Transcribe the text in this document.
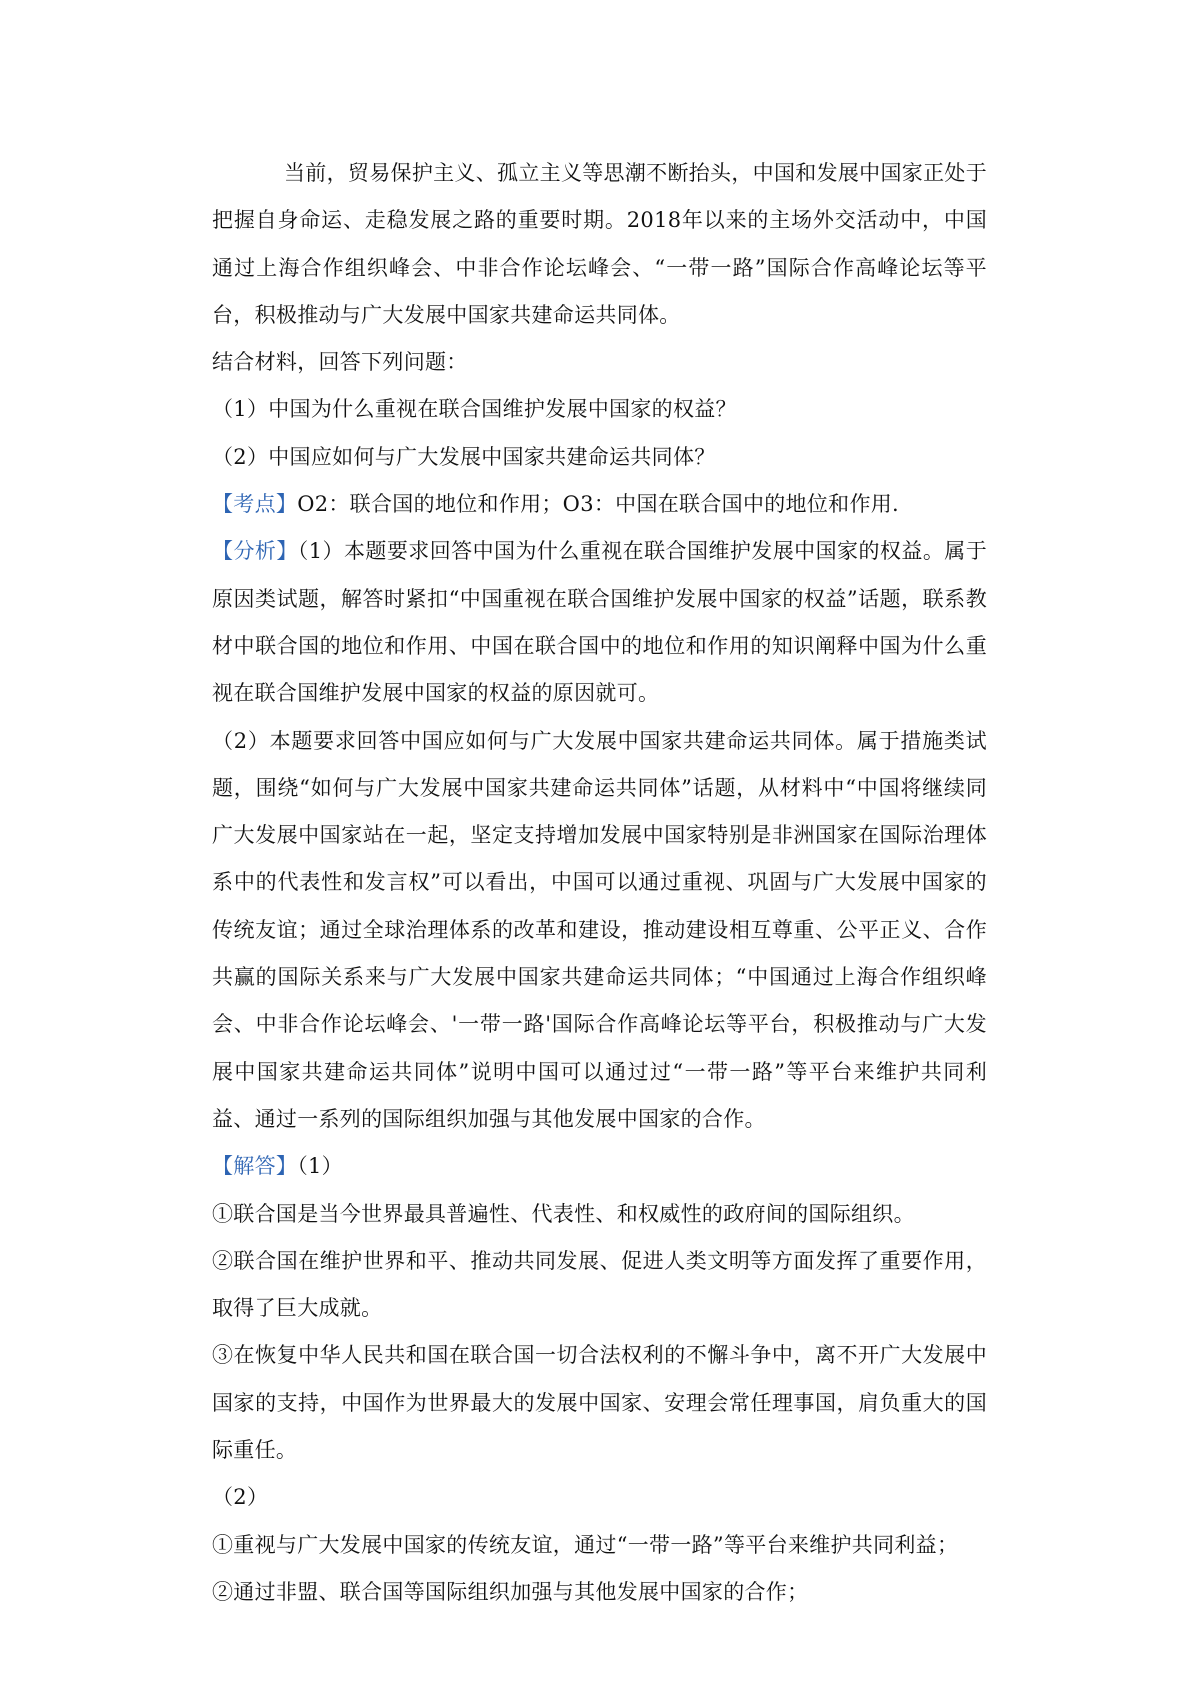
当前，贸易保护主义、孤立主义等思潮不断抬头，中国和发展中国家正处于把握自身命运、走稳发展之路的重要时期。2018年以来的主场外交活动中，中国通过上海合作组织峰会、中非合作论坛峰会、“一带一路”国际合作高峰论坛等平台，积极推动与广大发展中国家共建命运共同体。

结合材料，回答下列问题：

（1）中国为什么重视在联合国维护发展中国家的权益？

（2）中国应如何与广大发展中国家共建命运共同体？

【考点】O2：联合国的地位和作用；O3：中国在联合国中的地位和作用.

【分析】（1）本题要求回答中国为什么重视在联合国维护发展中国家的权益。属于原因类试题，解答时紧扣“中国重视在联合国维护发展中国家的权益”话题，联系教材中联合国的地位和作用、中国在联合国中的地位和作用的知识阐释中国为什么重视在联合国维护发展中国家的权益的原因就可。

（2）本题要求回答中国应如何与广大发展中国家共建命运共同体。属于措施类试题，围绕“如何与广大发展中国家共建命运共同体”话题，从材料中“中国将继续同广大发展中国家站在一起，坚定支持增加发展中国家特别是非洲国家在国际治理体系中的代表性和发言权”可以看出，中国可以通过重视、巩固与广大发展中国家的传统友谊；通过全球治理体系的改革和建设，推动建设相互尊重、公平正义、合作共赢的国际关系来与广大发展中国家共建命运共同体；“中国通过上海合作组织峰会、中非合作论坛峰会、'一带一路'国际合作高峰论坛等平台，积极推动与广大发展中国家共建命运共同体”说明中国可以通过过“一带一路”等平台来维护共同利益、通过一系列的国际组织加强与其他发展中国家的合作。

【解答】（1）

①联合国是当今世界最具普遍性、代表性、和权威性的政府间的国际组织。

②联合国在维护世界和平、推动共同发展、促进人类文明等方面发挥了重要作用，取得了巨大成就。

③在恢复中华人民共和国在联合国一切合法权利的不懈斗争中，离不开广大发展中国家的支持，中国作为世界最大的发展中国家、安理会常任理事国，肩负重大的国际重任。

（2）

①重视与广大发展中国家的传统友谊，通过“一带一路”等平台来维护共同利益；

②通过非盟、联合国等国际组织加强与其他发展中国家的合作；
